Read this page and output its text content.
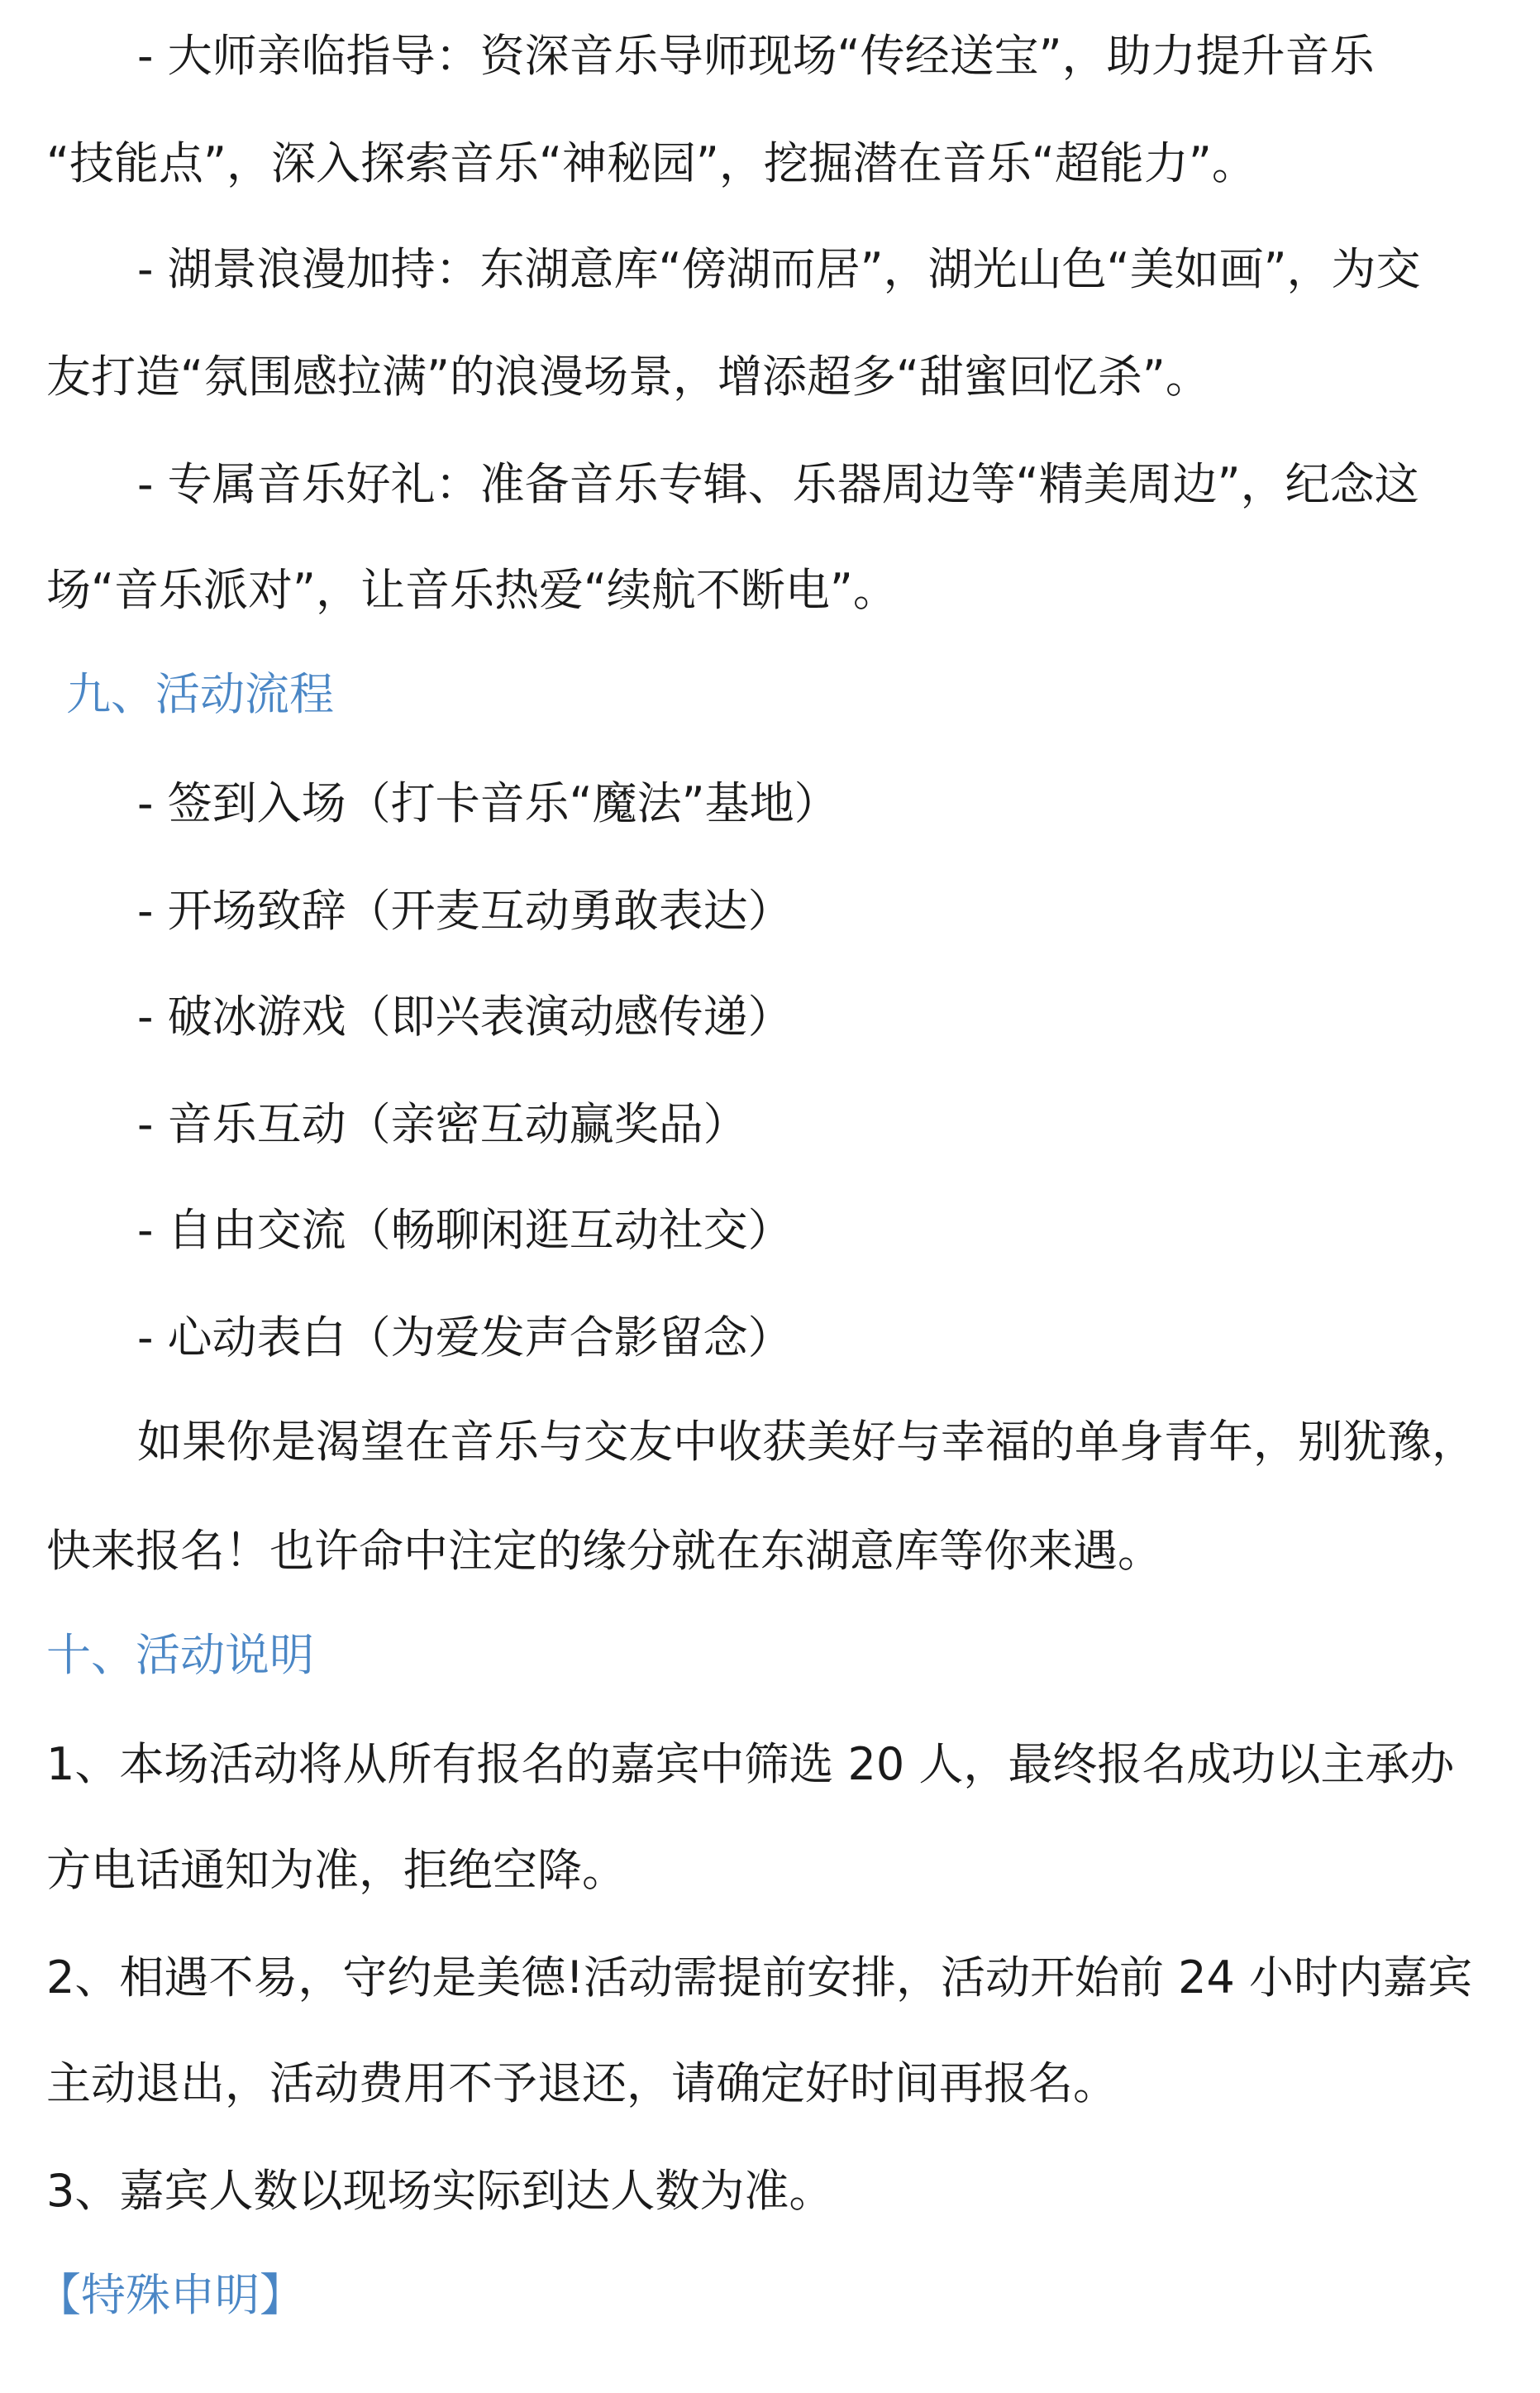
- 大师亲临指导：资深音乐导师现场“传经送宝”，助力提升音乐
“技能点”，深入探索音乐“神秘园”，挖掘潜在音乐“超能力”。
- 湖景浪漫加持：东湖意库“傍湖而居”，湖光山色“美如画”，为交
友打造“氛围感拉满”的浪漫场景，增添超多“甜蜜回忆杀”。
- 专属音乐好礼：准备音乐专辑、乐器周边等“精美周边”，纪念这
场“音乐派对”，让音乐热爱“续航不断电”。
九、活动流程
- 签到入场（打卡音乐“魔法”基地）
- 开场致辞（开麦互动勇敢表达）
- 破冰游戏（即兴表演动感传递）
- 音乐互动（亲密互动赢奖品）
- 自由交流（畅聊闲逛互动社交）
- 心动表白（为爱发声合影留念）
如果你是渴望在音乐与交友中收获美好与幸福的单身青年，别犹豫，
快来报名！也许命中注定的缘分就在东湖意库等你来遇。
十、活动说明
1、本场活动将从所有报名的嘉宾中筛选 20 人，最终报名成功以主承办
方电话通知为准，拒绝空降。
2、相遇不易，守约是美德!活动需提前安排，活动开始前 24 小时内嘉宾
主动退出，活动费用不予退还，请确定好时间再报名。
3、嘉宾人数以现场实际到达人数为准。
【特殊申明】
